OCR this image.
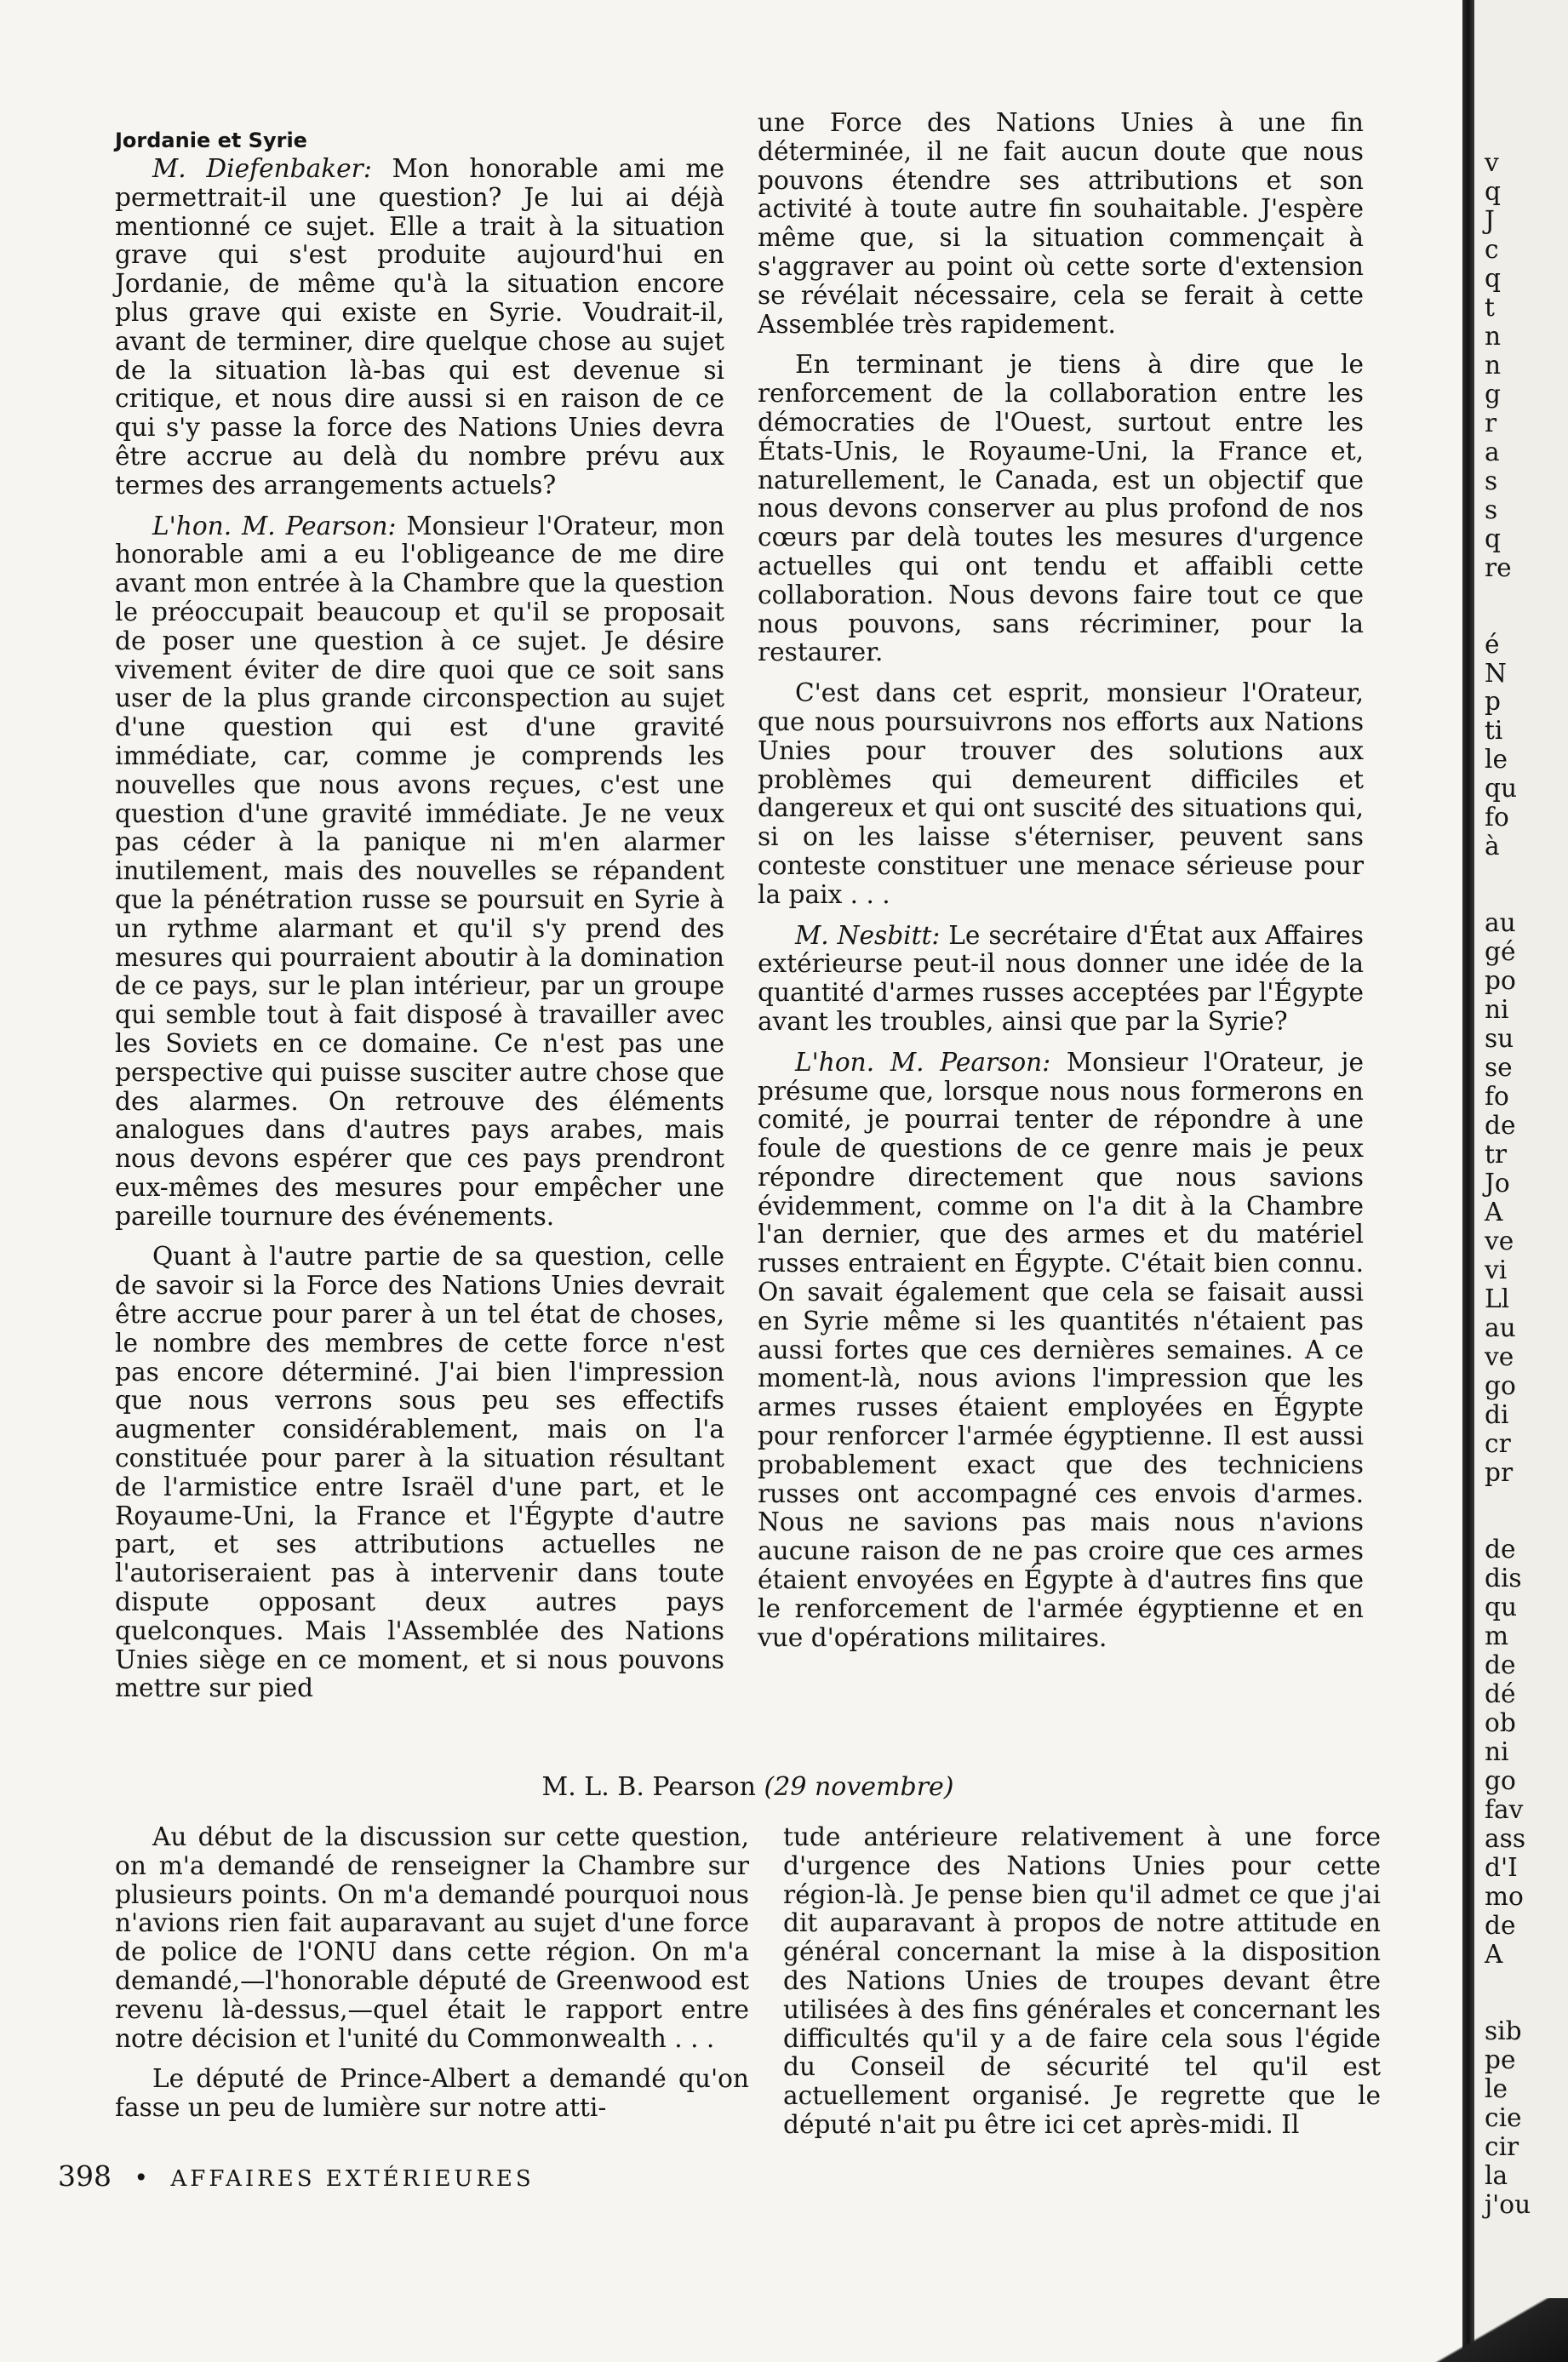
Jordanie et Syrie

M. Diefenbaker: Mon honorable ami me permettrait-il une question? Je lui ai déjà mentionné ce sujet. Elle a trait à la situation grave qui s'est produite aujourd'hui en Jordanie, de même qu'à la situation encore plus grave qui existe en Syrie. Voudrait-il, avant de terminer, dire quelque chose au sujet de la situation là-bas qui est devenue si critique, et nous dire aussi si en raison de ce qui s'y passe la force des Nations Unies devra être accrue au delà du nombre prévu aux termes des arrangements actuels?

L'hon. M. Pearson: Monsieur l'Orateur, mon honorable ami a eu l'obligeance de me dire avant mon entrée à la Chambre que la question le préoccupait beaucoup et qu'il se proposait de poser une question à ce sujet. Je désire vivement éviter de dire quoi que ce soit sans user de la plus grande circonspection au sujet d'une question qui est d'une gravité immédiate, car, comme je comprends les nouvelles que nous avons reçues, c'est une question d'une gravité immédiate. Je ne veux pas céder à la panique ni m'en alarmer inutilement, mais des nouvelles se répandent que la pénétration russe se poursuit en Syrie à un rythme alarmant et qu'il s'y prend des mesures qui pourraient aboutir à la domination de ce pays, sur le plan intérieur, par un groupe qui semble tout à fait disposé à travailler avec les Soviets en ce domaine. Ce n'est pas une perspective qui puisse susciter autre chose que des alarmes. On retrouve des éléments analogues dans d'autres pays arabes, mais nous devons espérer que ces pays prendront eux-mêmes des mesures pour empêcher une pareille tournure des événements.

Quant à l'autre partie de sa question, celle de savoir si la Force des Nations Unies devrait être accrue pour parer à un tel état de choses, le nombre des membres de cette force n'est pas encore déterminé. J'ai bien l'impression que nous verrons sous peu ses effectifs augmenter considérablement, mais on l'a constituée pour parer à la situation résultant de l'armistice entre Israël d'une part, et le Royaume-Uni, la France et l'Égypte d'autre part, et ses attributions actuelles ne l'autoriseraient pas à intervenir dans toute dispute opposant deux autres pays quelconques. Mais l'Assemblée des Nations Unies siège en ce moment, et si nous pouvons mettre sur pied

une Force des Nations Unies à une fin déterminée, il ne fait aucun doute que nous pouvons étendre ses attributions et son activité à toute autre fin souhaitable. J'espère même que, si la situation commençait à s'aggraver au point où cette sorte d'extension se révélait nécessaire, cela se ferait à cette Assemblée très rapidement.

En terminant je tiens à dire que le renforcement de la collaboration entre les démocraties de l'Ouest, surtout entre les États-Unis, le Royaume-Uni, la France et, naturellement, le Canada, est un objectif que nous devons conserver au plus profond de nos cœurs par delà toutes les mesures d'urgence actuelles qui ont tendu et affaibli cette collaboration. Nous devons faire tout ce que nous pouvons, sans récriminer, pour la restaurer.

C'est dans cet esprit, monsieur l'Orateur, que nous poursuivrons nos efforts aux Nations Unies pour trouver des solutions aux problèmes qui demeurent difficiles et dangereux et qui ont suscité des situations qui, si on les laisse s'éterniser, peuvent sans conteste constituer une menace sérieuse pour la paix . . .

M. Nesbitt: Le secrétaire d'État aux Affaires extérieurse peut-il nous donner une idée de la quantité d'armes russes acceptées par l'Égypte avant les troubles, ainsi que par la Syrie?

L'hon. M. Pearson: Monsieur l'Orateur, je présume que, lorsque nous nous formerons en comité, je pourrai tenter de répondre à une foule de questions de ce genre mais je peux répondre directement que nous savions évidemment, comme on l'a dit à la Chambre l'an dernier, que des armes et du matériel russes entraient en Égypte. C'était bien connu. On savait également que cela se faisait aussi en Syrie même si les quantités n'étaient pas aussi fortes que ces dernières semaines. A ce moment-là, nous avions l'impression que les armes russes étaient employées en Égypte pour renforcer l'armée égyptienne. Il est aussi probablement exact que des techniciens russes ont accompagné ces envois d'armes. Nous ne savions pas mais nous n'avions aucune raison de ne pas croire que ces armes étaient envoyées en Égypte à d'autres fins que le renforcement de l'armée égyptienne et en vue d'opérations militaires.

M. L. B. Pearson (29 novembre)

Au début de la discussion sur cette question, on m'a demandé de renseigner la Chambre sur plusieurs points. On m'a demandé pourquoi nous n'avions rien fait auparavant au sujet d'une force de police de l'ONU dans cette région. On m'a demandé,—l'honorable député de Greenwood est revenu là-dessus,—quel était le rapport entre notre décision et l'unité du Commonwealth . . .

Le député de Prince-Albert a demandé qu'on fasse un peu de lumière sur notre atti-

tude antérieure relativement à une force d'urgence des Nations Unies pour cette région-là. Je pense bien qu'il admet ce que j'ai dit auparavant à propos de notre attitude en général concernant la mise à la disposition des Nations Unies de troupes devant être utilisées à des fins générales et concernant les difficultés qu'il y a de faire cela sous l'égide du Conseil de sécurité tel qu'il est actuellement organisé. Je regrette que le député n'ait pu être ici cet après-midi. Il

398 • AFFAIRES EXTÉRIEURES
v
q
J
c
q
t
n
n
g
r
a
s
s
q
re
é
N
p
ti
le
qu
fo
à
au
gé
po
ni
su
se
fo
de
tr
Jo
A
ve
vi
Ll
au
ve
go
di
cr
pr
de
dis
qu
m
de
dé
ob
ni
go
fav
ass
d'I
mo
de
A
sib
pe
le
cie
cir
la
j'ou
